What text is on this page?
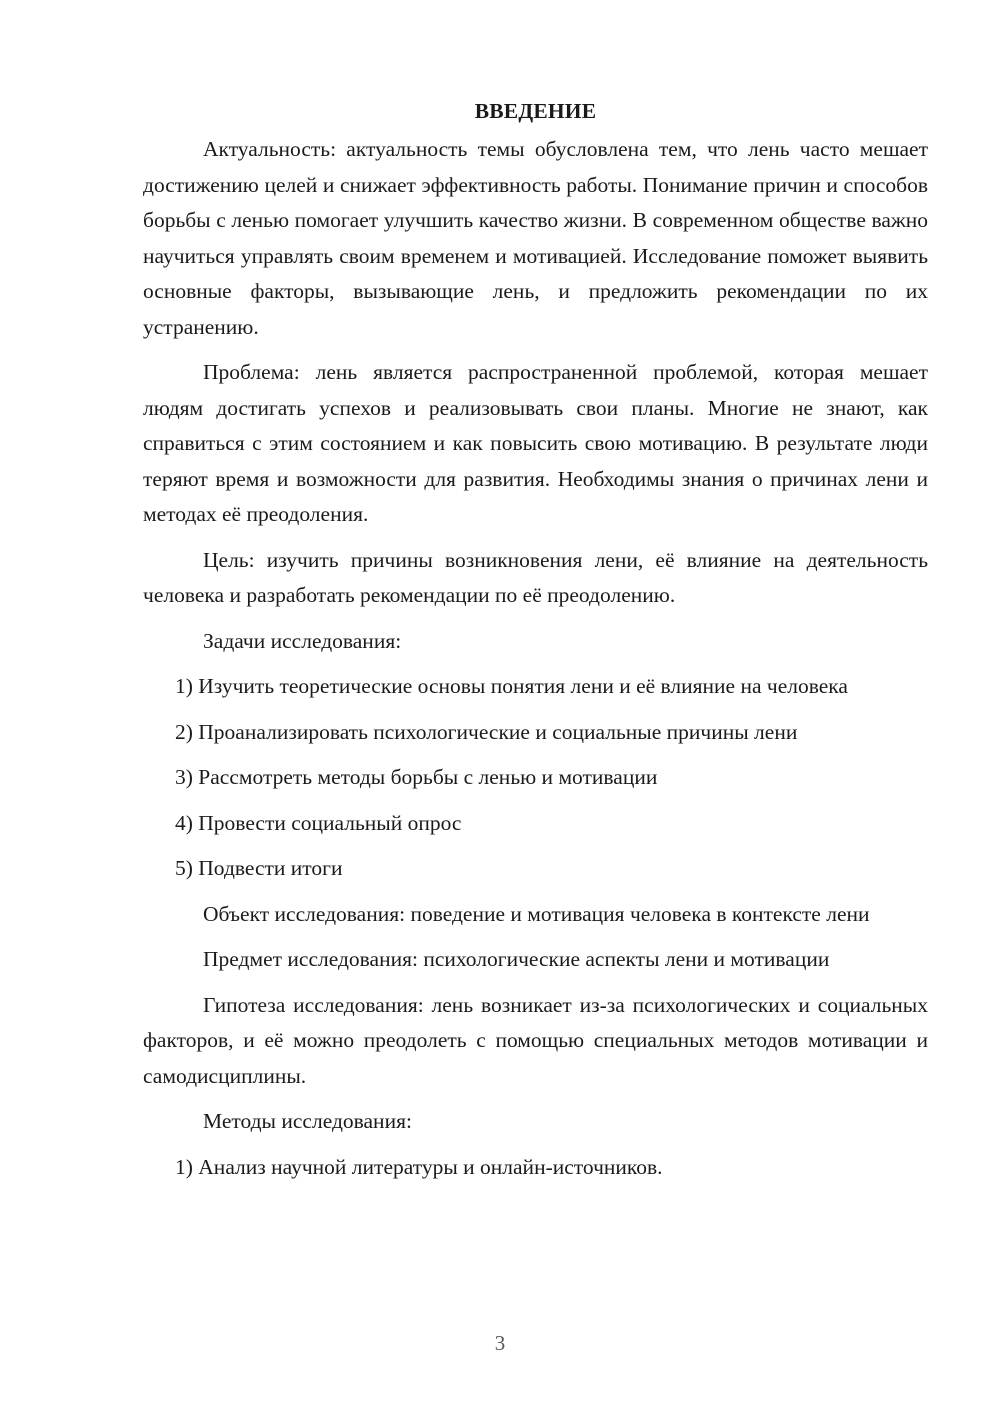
ВВЕДЕНИЕ

Актуальность: актуальность темы обусловлена тем, что лень часто мешает достижению целей и снижает эффективность работы. Понимание причин и способов борьбы с ленью помогает улучшить качество жизни. В современном обществе важно научиться управлять своим временем и мотивацией. Исследование поможет выявить основные факторы, вызывающие лень, и предложить рекомендации по их устранению.

Проблема: лень является распространенной проблемой, которая мешает людям достигать успехов и реализовывать свои планы. Многие не знают, как справиться с этим состоянием и как повысить свою мотивацию. В результате люди теряют время и возможности для развития. Необходимы знания о причинах лени и методах её преодоления.

Цель: изучить причины возникновения лени, её влияние на деятельность человека и разработать рекомендации по её преодолению.

Задачи исследования:

1) Изучить теоретические основы понятия лени и её влияние на человека

2) Проанализировать психологические и социальные причины лени

3) Рассмотреть методы борьбы с ленью и мотивации

4) Провести социальный опрос

5) Подвести итоги

Объект исследования: поведение и мотивация человека в контексте лени

Предмет исследования: психологические аспекты лени и мотивации

Гипотеза исследования: лень возникает из-за психологических и социальных факторов, и её можно преодолеть с помощью специальных методов мотивации и самодисциплины.

Методы исследования:

1) Анализ научной литературы и онлайн-источников.

3
